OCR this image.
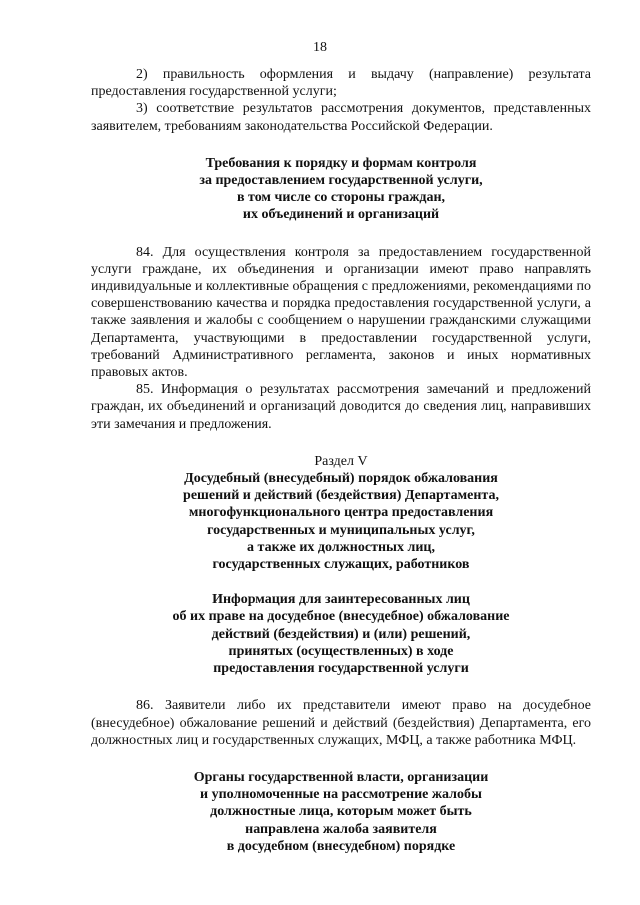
18

2) правильность оформления и выдачу (направление) результата предоставления государственной услуги;

3) соответствие результатов рассмотрения документов, представленных заявителем, требованиям законодательства Российской Федерации.

Требования к порядку и формам контроля
за предоставлением государственной услуги,
в том числе со стороны граждан,
их объединений и организаций

84. Для осуществления контроля за предоставлением государственной услуги граждане, их объединения и организации имеют право направлять индивидуальные и коллективные обращения с предложениями, рекомендациями по совершенствованию качества и порядка предоставления государственной услуги, а также заявления и жалобы с сообщением о нарушении гражданскими служащими Департамента, участвующими в предоставлении государственной услуги, требований Административного регламента, законов и иных нормативных правовых актов.

85. Информация о результатах рассмотрения замечаний и предложений граждан, их объединений и организаций доводится до сведения лиц, направивших эти замечания и предложения.

Раздел V
Досудебный (внесудебный) порядок обжалования
решений и действий (бездействия) Департамента,
многофункционального центра предоставления
государственных и муниципальных услуг,
а также их должностных лиц,
государственных служащих, работников
Информация для заинтересованных лиц
об их праве на досудебное (внесудебное) обжалование
действий (бездействия) и (или) решений,
принятых (осуществленных) в ходе
предоставления государственной услуги

86. Заявители либо их представители имеют право на досудебное (внесудебное) обжалование решений и действий (бездействия) Департамента, его должностных лиц и государственных служащих, МФЦ, а также работника МФЦ.

Органы государственной власти, организации
и уполномоченные на рассмотрение жалобы
должностные лица, которым может быть
направлена жалоба заявителя
в досудебном (внесудебном) порядке
